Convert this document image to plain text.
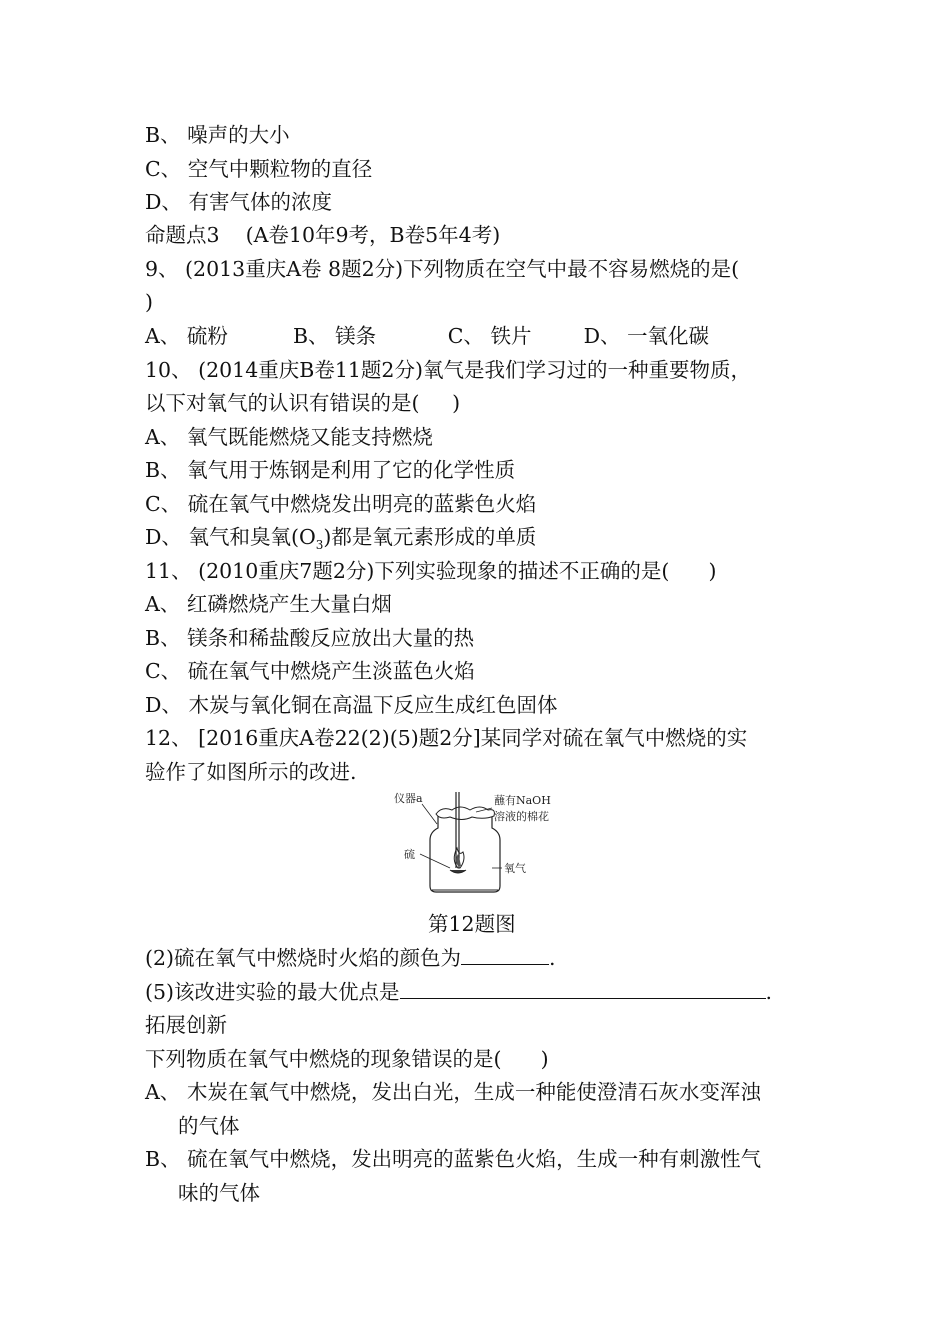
B、 噪声的大小
C、 空气中颗粒物的直径
D、 有害气体的浓度
命题点3    (A卷10年9考，B卷5年4考)
9、 (2013重庆A卷 8题2分)下列物质在空气中最不容易燃烧的是(
)
A、 硫粉          B、 镁条           C、 铁片        D、 一氧化碳
10、 (2014重庆B卷11题2分)氧气是我们学习过的一种重要物质，
以下对氧气的认识有错误的是(     )
A、 氧气既能燃烧又能支持燃烧
B、 氧气用于炼钢是利用了它的化学性质
C、 硫在氧气中燃烧发出明亮的蓝紫色火焰
D、 氧气和臭氧$(O_3)$都是氧元素形成的单质
11、 (2010重庆7题2分)下列实验现象的描述不正确的是(      )
A、 红磷燃烧产生大量白烟
B、 镁条和稀盐酸反应放出大量的热
C、 硫在氧气中燃烧产生淡蓝色火焰
D、 木炭与氧化铜在高温下反应生成红色固体
12、 [2016重庆A卷22(2)(5)题2分]某同学对硫在氧气中燃烧的实
验作了如图所示的改进.
仪器a	蘸有NaOH
溶液的棉花
硫
氧气
第12题图
(2)硫在氧气中燃烧时火焰的颜色为	.
(5)该改进实验的最大优点是	.
拓展创新
下列物质在氧气中燃烧的现象错误的是(      )
A、 木炭在氧气中燃烧，发出白光，生成一种能使澄清石灰水变浑浊
的气体
B、 硫在氧气中燃烧，发出明亮的蓝紫色火焰，生成一种有刺激性气
味的气体
